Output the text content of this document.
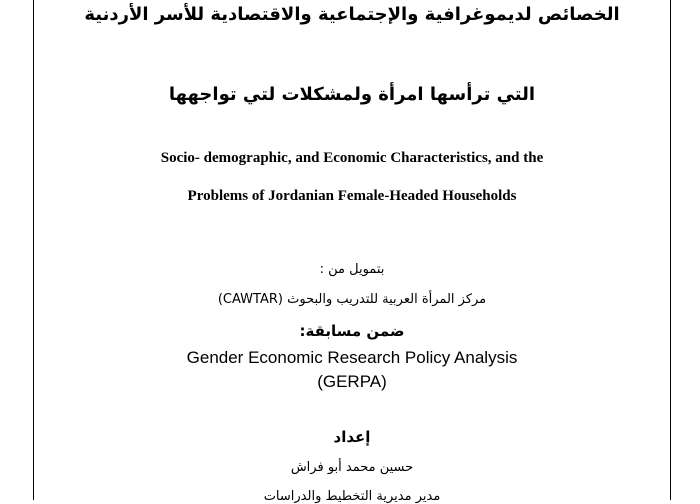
الخصائص لديموغرافية والإجتماعية والاقتصادية للأسر الأردنية
التي ترأسها امرأة ولمشكلات لتي تواجهها
Socio- demographic, and Economic Characteristics, and the
Problems of Jordanian Female-Headed Households
بتمويل من :
مركز المرأة العربية للتدريب والبحوث (CAWTAR)
ضمن مسابقة:
Gender Economic Research Policy Analysis
(GERPA)
إعداد
حسين محمد أبو فراش
مدير مديرية التخطيط والدراسات
